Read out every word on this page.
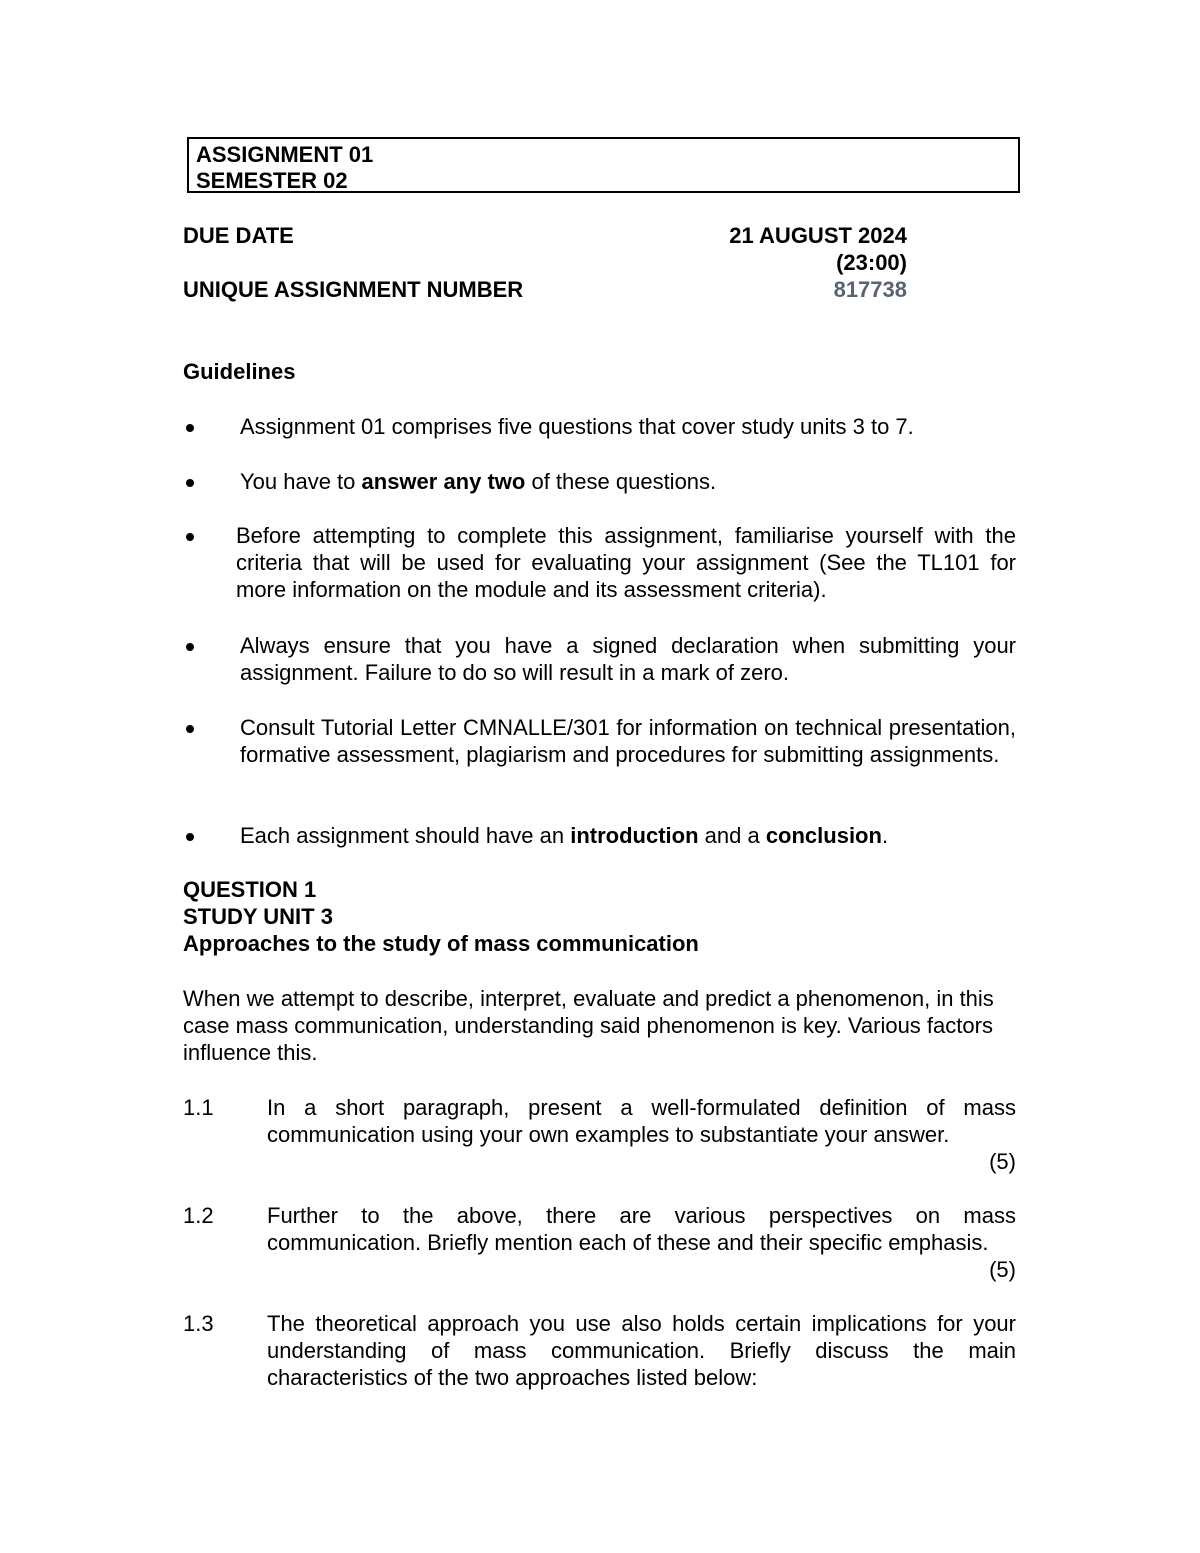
ASSIGNMENT 01
SEMESTER 02
DUE DATE	21 AUGUST 2024
(23:00)
UNIQUE ASSIGNMENT NUMBER	817738
Guidelines
Assignment 01 comprises five questions that cover study units 3 to 7.
You have to answer any two of these questions.
Before attempting to complete this assignment, familiarise yourself with the criteria that will be used for evaluating your assignment (See the TL101 for more information on the module and its assessment criteria).
Always ensure that you have a signed declaration when submitting your assignment. Failure to do so will result in a mark of zero.
Consult Tutorial Letter CMNALLE/301 for information on technical presentation, formative assessment, plagiarism and procedures for submitting assignments.
Each assignment should have an introduction and a conclusion.
QUESTION 1
STUDY UNIT 3
Approaches to the study of mass communication
When we attempt to describe, interpret, evaluate and predict a phenomenon, in this case mass communication, understanding said phenomenon is key. Various factors influence this.
1.1 In a short paragraph, present a well-formulated definition of mass communication using your own examples to substantiate your answer.
(5)
1.2 Further to the above, there are various perspectives on mass communication. Briefly mention each of these and their specific emphasis.
(5)
1.3 The theoretical approach you use also holds certain implications for your understanding of mass communication. Briefly discuss the main characteristics of the two approaches listed below:
